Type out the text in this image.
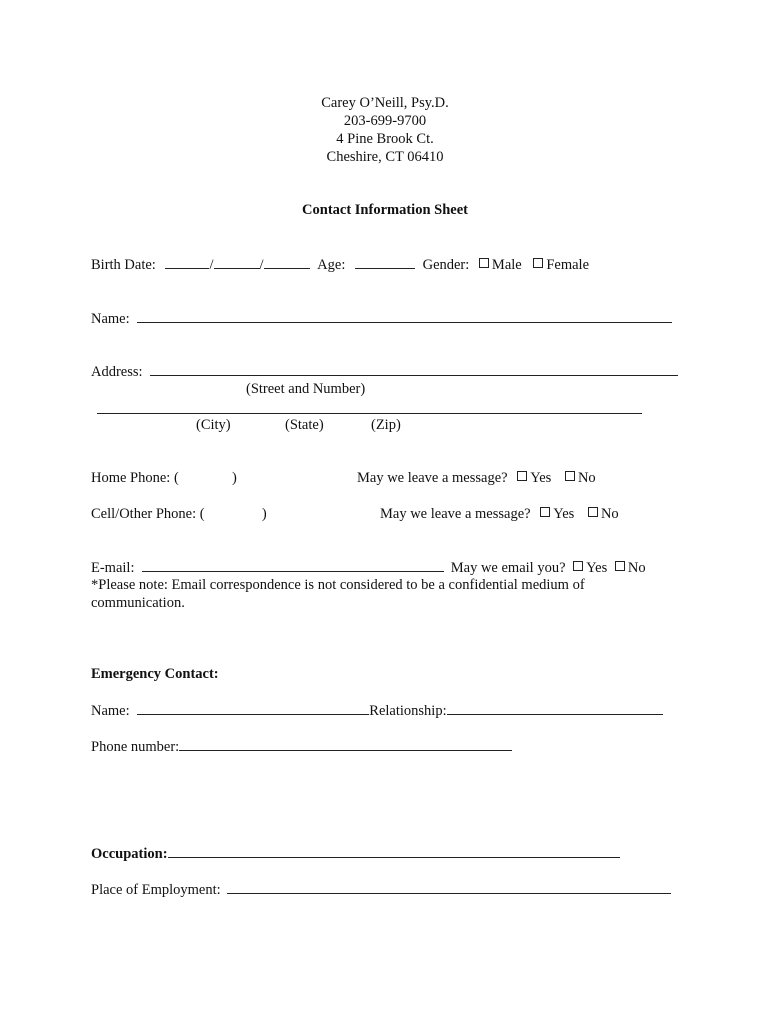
Carey O’Neill, Psy.D.
203-699-9700
4 Pine Brook Ct.
Cheshire, CT 06410
Contact Information Sheet
Birth Date:	/	/	Age:	Gender: Male Female
Name:
Address:
(Street and Number)
(City)	(State)	(Zip)
Home Phone: (	)	May we leave a message? Yes No
Cell/Other Phone: (	)	May we leave a message? Yes No
E-mail:	May we email you? Yes No
*Please note: Email correspondence is not considered to be a confidential medium of
communication.
Emergency Contact:
Name:	Relationship:
Phone number:
Occupation:
Place of Employment:
